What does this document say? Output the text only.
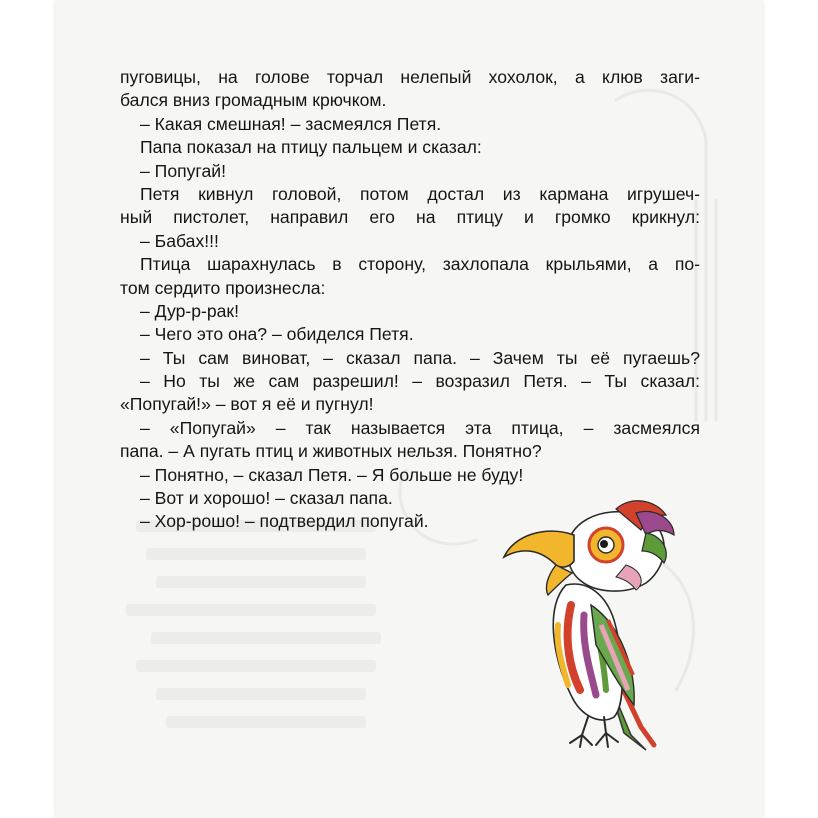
пуговицы, на голове торчал нелепый хохолок, а клюв заги-
бался вниз громадным крючком.
– Какая смешная! – засмеялся Петя.
Папа показал на птицу пальцем и сказал:
– Попугай!
Петя кивнул головой, потом достал из кармана игрушеч-
ный пистолет, направил его на птицу и громко крикнул:
– Бабах!!!
Птица шарахнулась в сторону, захлопала крыльями, а по-
том сердито произнесла:
– Дур-р-рак!
– Чего это она? – обиделся Петя.
– Ты сам виноват, – сказал папа. – Зачем ты её пугаешь?
– Но ты же сам разрешил! – возразил Петя. – Ты сказал:
«Попугай!» – вот я её и пугнул!
– «Попугай» – так называется эта птица, – засмеялся
папа. – А пугать птиц и животных нельзя. Понятно?
– Понятно, – сказал Петя. – Я больше не буду!
– Вот и хорошо! – сказал папа.
– Хор-рошо! – подтвердил попугай.
